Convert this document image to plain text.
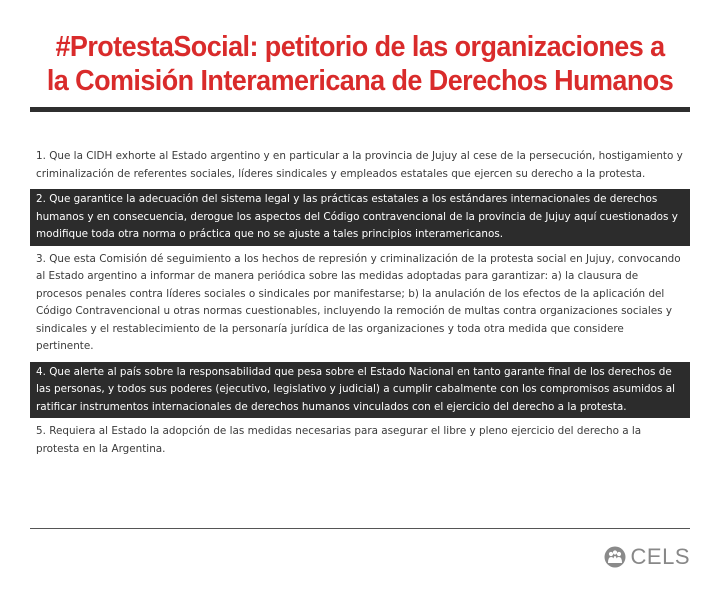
#ProtestaSocial: petitorio de las organizaciones a la Comisión Interamericana de Derechos Humanos
1. Que la CIDH exhorte al Estado argentino y en particular a la provincia de Jujuy al cese de la persecución, hostigamiento y criminalización de referentes sociales, líderes sindicales y empleados estatales que ejercen su derecho a la protesta.
2. Que garantice la adecuación del sistema legal y las prácticas estatales a los estándares internacionales de derechos humanos y en consecuencia, derogue los aspectos del Código contravencional de la provincia de Jujuy aquí cuestionados y modifique toda otra norma o práctica que no se ajuste a tales principios interamericanos.
3. Que esta Comisión dé seguimiento a los hechos de represión y criminalización de la protesta social en Jujuy, convocando al Estado argentino a informar de manera periódica sobre las medidas adoptadas para garantizar: a) la clausura de procesos penales contra líderes sociales o sindicales por manifestarse; b) la anulación de los efectos de la aplicación del Código Contravencional u otras normas cuestionables, incluyendo la remoción de multas contra organizaciones sociales y sindicales y el restablecimiento de la personaría jurídica de las organizaciones y toda otra medida que considere pertinente.
4. Que alerte al país sobre la responsabilidad que pesa sobre el Estado Nacional en tanto garante final de los derechos de las personas, y todos sus poderes (ejecutivo, legislativo y judicial) a cumplir cabalmente con los compromisos asumidos al ratificar instrumentos internacionales de derechos humanos vinculados con el ejercicio del derecho a la protesta.
5. Requiera al Estado la adopción de las medidas necesarias para asegurar el libre y pleno ejercicio del derecho a la protesta en la Argentina.
CELS
